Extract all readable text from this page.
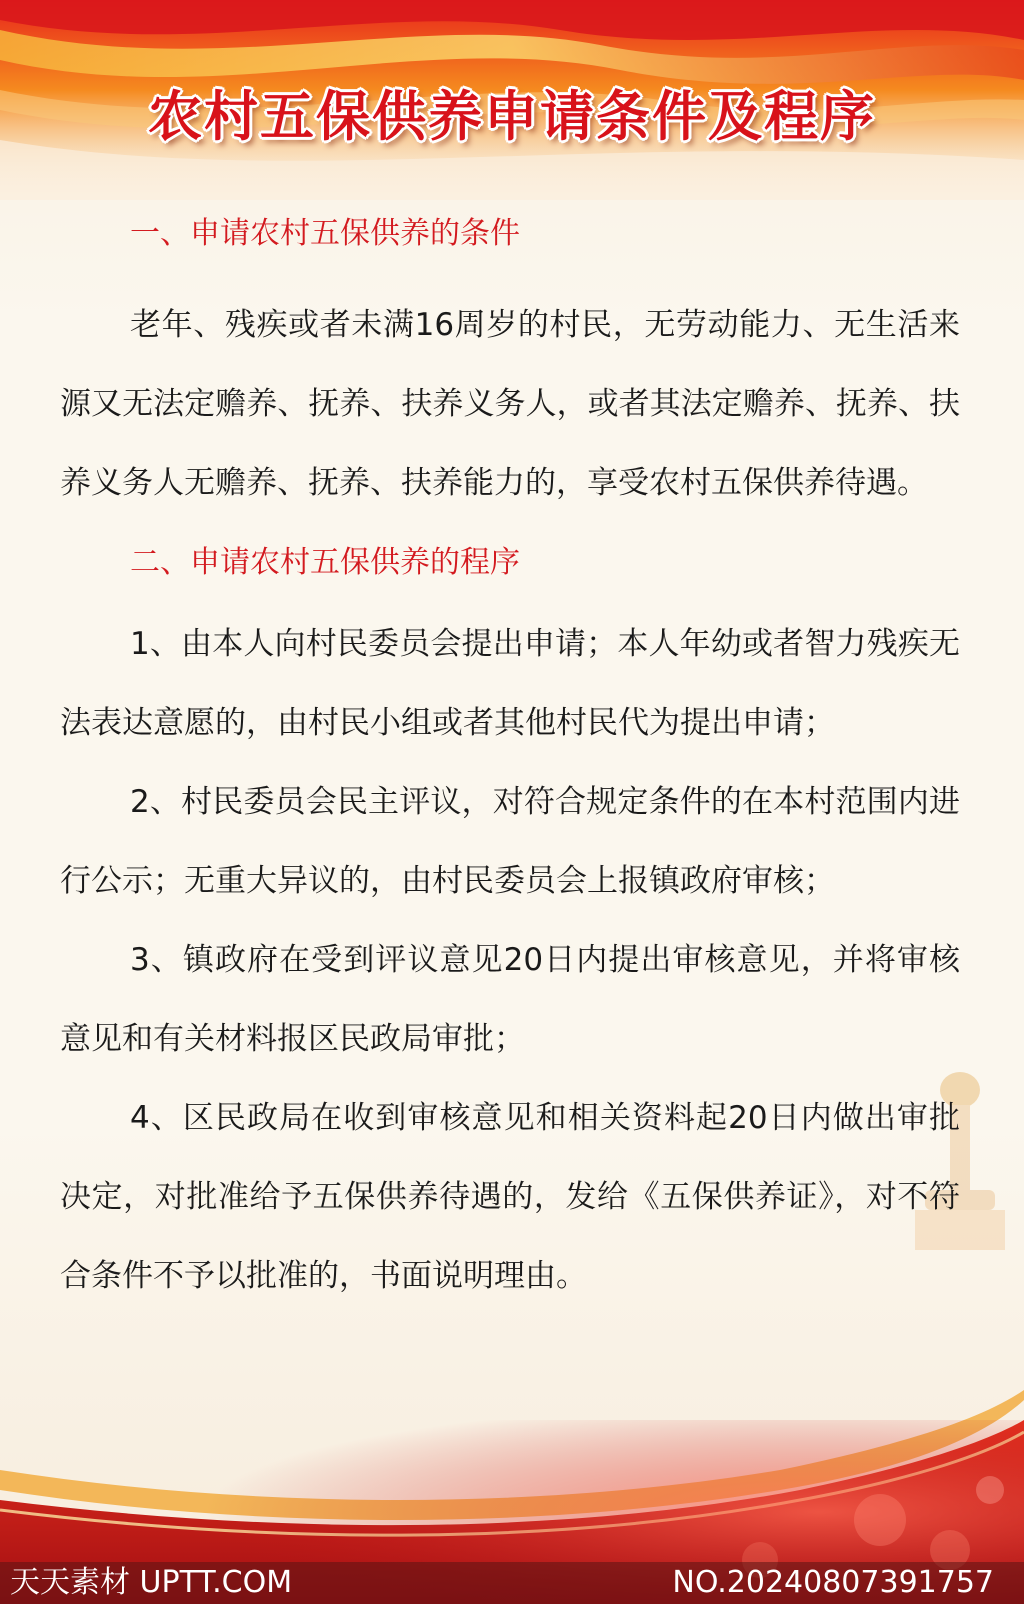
农村五保供养申请条件及程序
一、申请农村五保供养的条件

老年、残疾或者未满16周岁的村民，无劳动能力、无生活来源又无法定赡养、抚养、扶养义务人，或者其法定赡养、抚养、扶养义务人无赡养、抚养、扶养能力的，享受农村五保供养待遇。

二、申请农村五保供养的程序

1、由本人向村民委员会提出申请；本人年幼或者智力残疾无法表达意愿的，由村民小组或者其他村民代为提出申请；

2、村民委员会民主评议，对符合规定条件的在本村范围内进行公示；无重大异议的，由村民委员会上报镇政府审核；

3、镇政府在受到评议意见20日内提出审核意见，并将审核意见和有关材料报区民政局审批；

4、区民政局在收到审核意见和相关资料起20日内做出审批决定，对批准给予五保供养待遇的，发给《五保供养证》，对不符合条件不予以批准的，书面说明理由。

天天素材 UPTT.COM	NO.20240807391757
